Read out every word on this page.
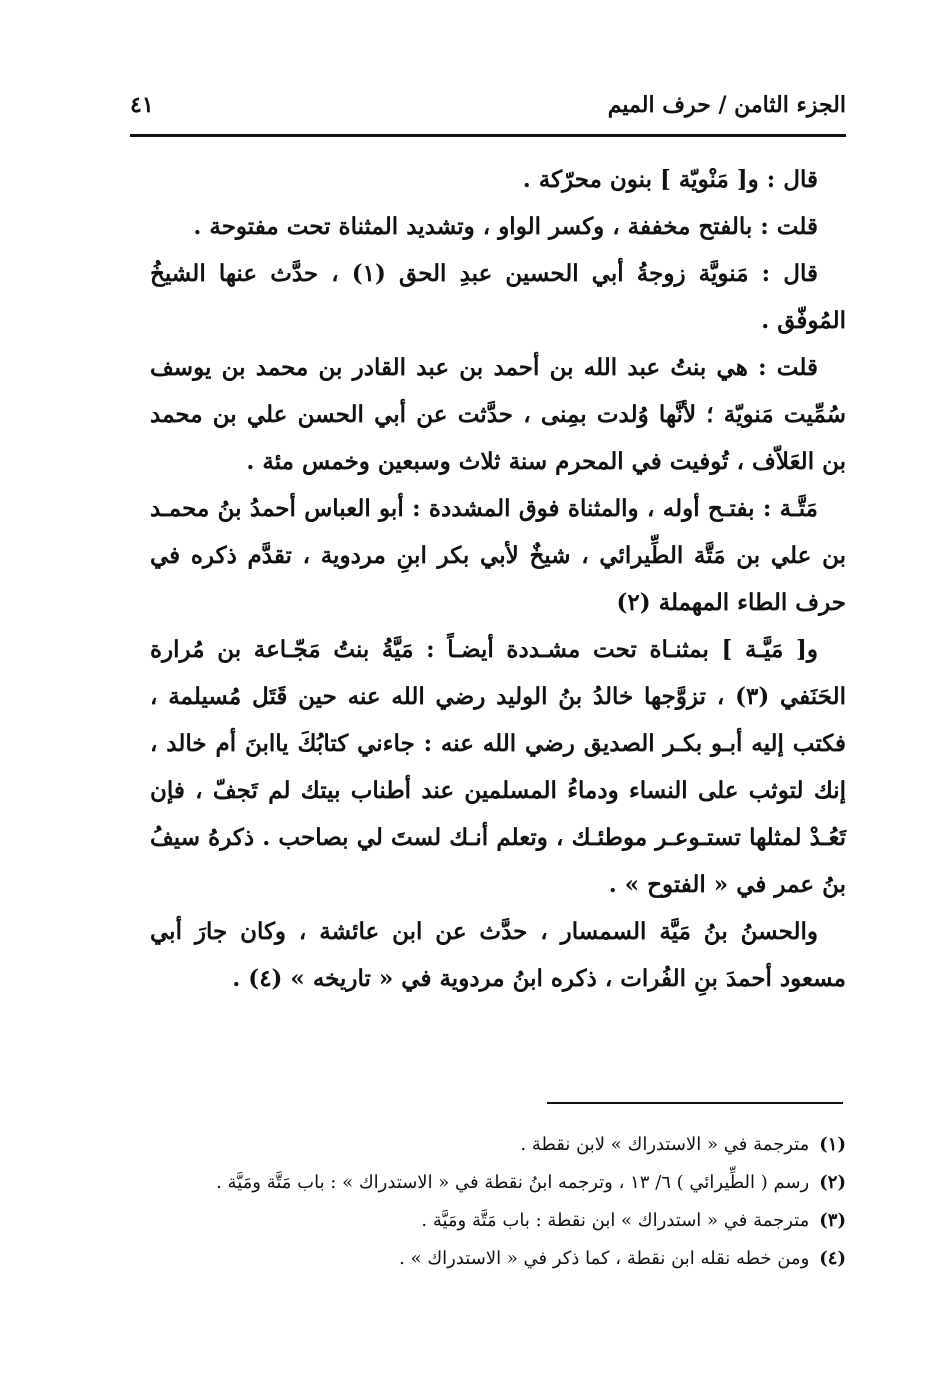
الجزء الثامن / حرف الميم
٤١

قال : و[ مَنْويّة ] بنون محرّكة .

قلت : بالفتح مخففة ، وكسر الواو ، وتشديد المثناة تحت مفتوحة .

قال : مَنويَّة زوجةُ أبي الحسين عبدِ الحق (١) ، حدَّث عنها الشيخُ المُوفّق .

قلت : هي بنتُ عبد الله بن أحمد بن عبد القادر بن محمد بن يوسف سُمِّيت مَنويّة ؛ لأنَّها وُلدت بمِنى ، حدَّثت عن أبي الحسن علي بن محمد بن العَلاّف ، تُوفيت في المحرم سنة ثلاث وسبعين وخمس مئة .

مَتَّـة : بفتـح أوله ، والمثناة فوق المشددة : أبو العباس أحمدُ بنُ محمـد بن علي بن مَتَّة الطِّيرائي ، شيخٌ لأبي بكر ابنِ مردوية ، تقدَّم ذكره في حرف الطاء المهملة (٢)

و[ مَيَّـة ] بمثنـاة تحت مشـددة أيضـاً : مَيَّةُ بنتُ مَجّـاعة بن مُرارة الحَنَفي (٣) ، تزوَّجها خالدُ بنُ الوليد رضي الله عنه حين قَتَل مُسيلمة ، فكتب إليه أبـو بكـر الصديق رضي الله عنه : جاءني كتابُكَ ياابنَ أم خالد ، إنك لتوثب على النساء ودماءُ المسلمين عند أطناب بيتك لم تَجفّ ، فإن تَعُـدْ لمثلها تستـوعـر موطئـك ، وتعلم أنـك لستَ لي بصاحب . ذكرهُ سيفُ بنُ عمر في « الفتوح » .

والحسنُ بنُ مَيَّة السمسار ، حدَّث عن ابن عائشة ، وكان جارَ أبي مسعود أحمدَ بنِ الفُرات ، ذكره ابنُ مردوية في « تاريخه » (٤) .

(١)مترجمة في « الاستدراك » لابن نقطة .

(٢)رسم ( الطِّيرائي ) ٦/ ١٣ ، وترجمه ابنُ نقطة في « الاستدراك » : باب مَتَّة ومَيَّة .

(٣)مترجمة في « استدراك » ابن نقطة : باب مَتَّة ومَيَّة .

(٤)ومن خطه نقله ابن نقطة ، كما ذكر في « الاستدراك » .
